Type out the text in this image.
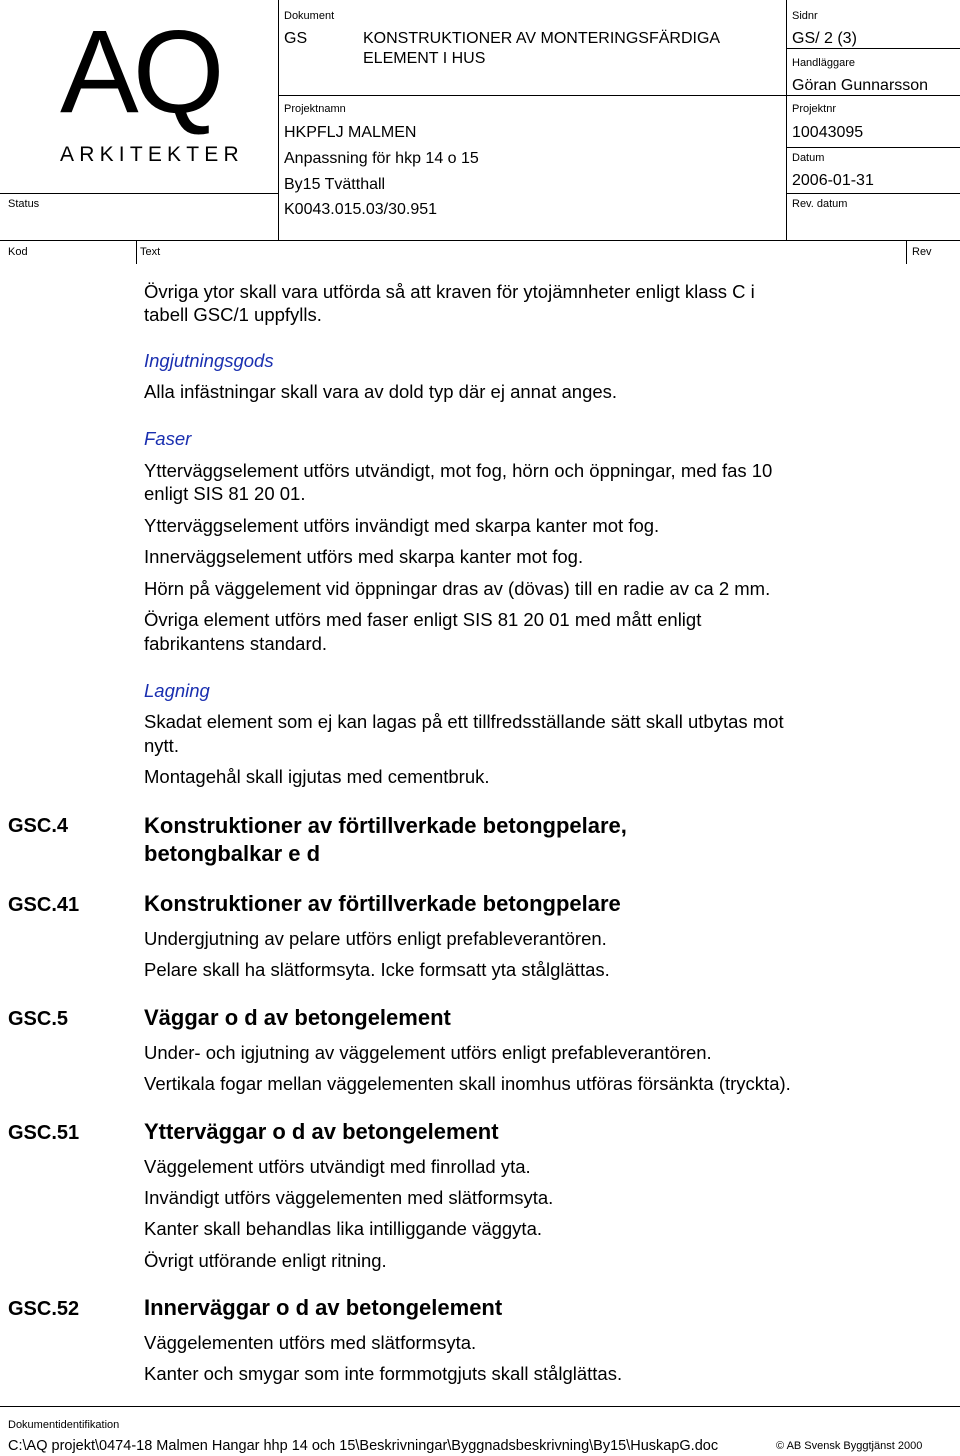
AQ
ARKITEKTER
Status
Dokument
GS	KONSTRUKTIONER AV MONTERINGSFÄRDIGA
ELEMENT I HUS
Projektnamn
HKPFLJ MALMEN
Anpassning för hkp 14 o 15
By15 Tvätthall
K0043.015.03/30.951
Sidnr
GS/ 2 (3)
Handläggare
Göran Gunnarsson
Projektnr
10043095
Datum
2006-01-31
Rev. datum
Kod	Text	Rev
Övriga ytor skall vara utförda så att kraven för ytojämnheter enligt klass C i
tabell GSC/1 uppfylls.
Ingjutningsgods
Alla infästningar skall vara av dold typ där ej annat anges.
Faser
Ytterväggselement utförs utvändigt, mot fog, hörn och öppningar, med fas 10
enligt SIS 81 20 01.
Ytterväggselement utförs invändigt med skarpa kanter mot fog.
Innerväggselement utförs med skarpa kanter mot fog.
Hörn på väggelement vid öppningar dras av (dövas) till en radie av ca 2 mm.
Övriga element utförs med faser enligt SIS 81 20 01 med mått enligt
fabrikantens standard.
Lagning
Skadat element som ej kan lagas på ett tillfredsställande sätt skall utbytas mot
nytt.
Montagehål skall igjutas med cementbruk.
GSC.4	Konstruktioner av förtillverkade betongpelare,
betongbalkar e d
GSC.41	Konstruktioner av förtillverkade betongpelare
Undergjutning av pelare utförs enligt prefableverantören.
Pelare skall ha slätformsyta. Icke formsatt yta stålglättas.
GSC.5	Väggar o d av betongelement
Under- och igjutning av väggelement utförs enligt prefableverantören.
Vertikala fogar mellan väggelementen skall inomhus utföras försänkta (tryckta).
GSC.51	Ytterväggar o d av betongelement
Väggelement utförs utvändigt med finrollad yta.
Invändigt utförs väggelementen med slätformsyta.
Kanter skall behandlas lika intilliggande väggyta.
Övrigt utförande enligt ritning.
GSC.52	Innerväggar o d av betongelement
Väggelementen utförs med slätformsyta.
Kanter och smygar som inte formmotgjuts skall stålglättas.
Dokumentidentifikation
C:\AQ projekt\0474-18 Malmen Hangar hhp 14 och 15\Beskrivningar\Byggnadsbeskrivning\By15\HuskapG.doc	© AB Svensk Byggtjänst 2000
